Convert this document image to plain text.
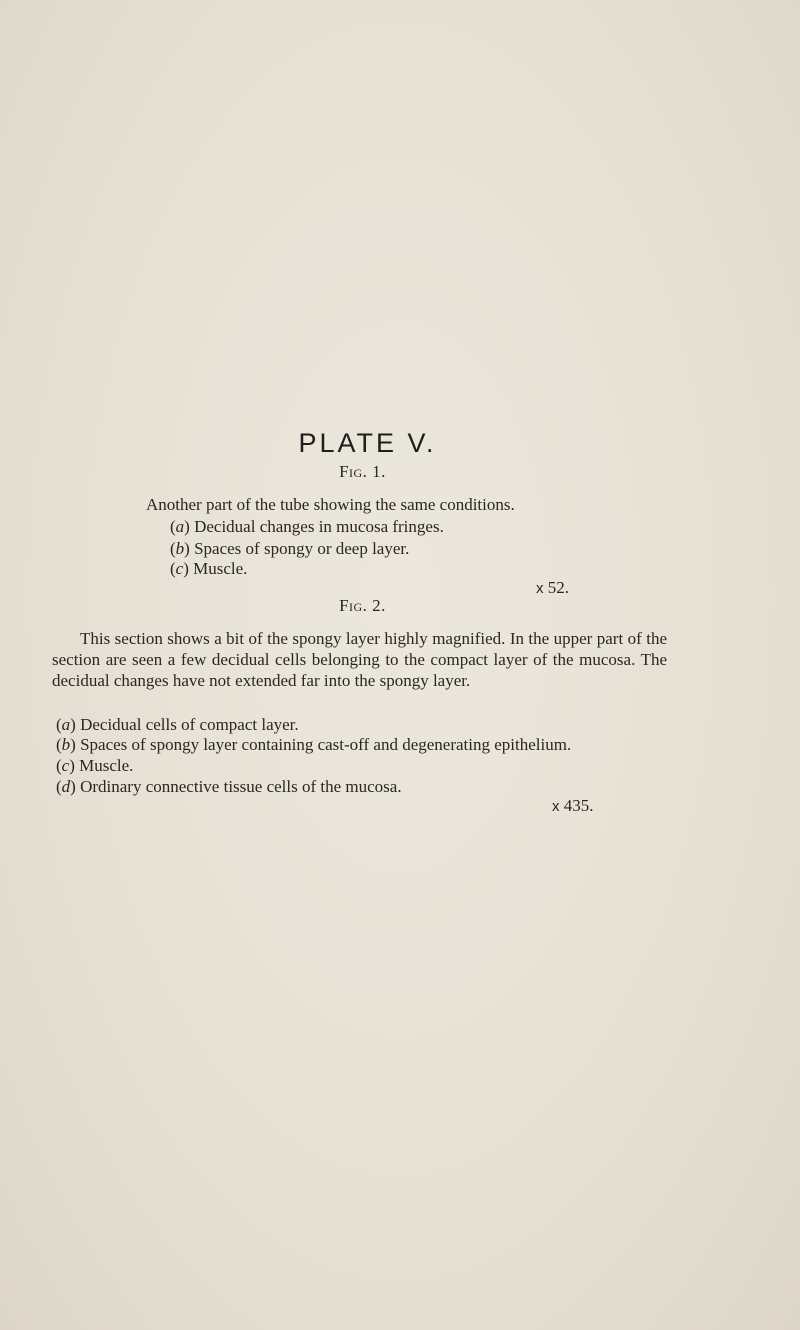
PLATE V.
Fig. 1.
Another part of the tube showing the same conditions.
(a) Decidual changes in mucosa fringes.
(b) Spaces of spongy or deep layer.
(c) Muscle.
x 52.
Fig. 2.
This section shows a bit of the spongy layer highly magnified. In the upper part of the section are seen a few decidual cells belonging to the compact layer of the mucosa. The decidual changes have not extended far into the spongy layer.
(a) Decidual cells of compact layer.
(b) Spaces of spongy layer containing cast-off and degenerating epithelium.
(c) Muscle.
(d) Ordinary connective tissue cells of the mucosa.
x 435.
